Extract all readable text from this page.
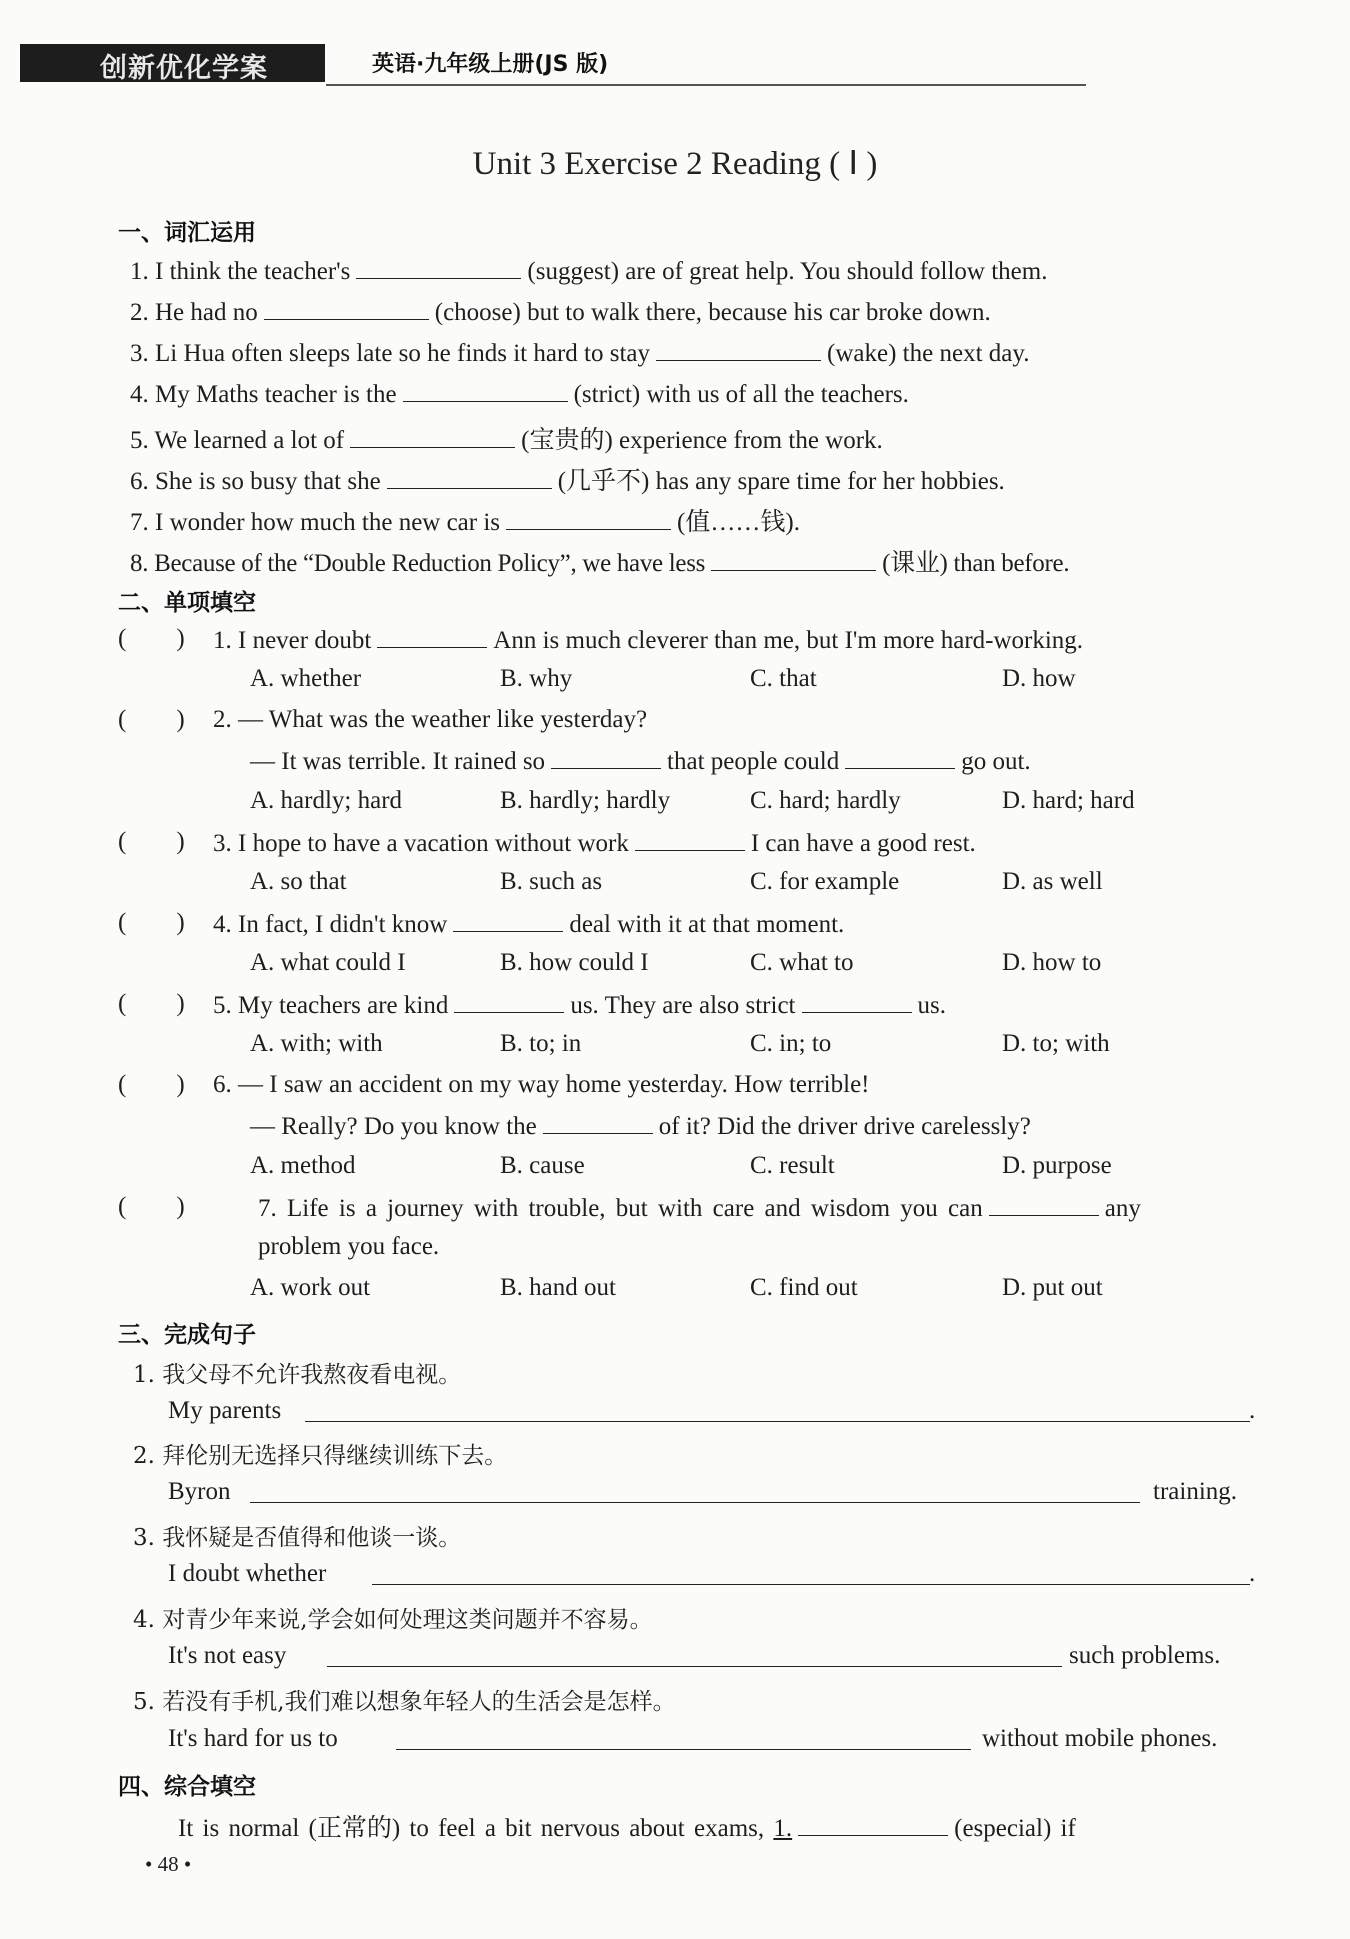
创新优化学案	英语·九年级上册(JS 版)
Unit 3 Exercise 2 Reading ( Ⅰ )
一、词汇运用
1. I think the teacher's	(suggest) are of great help. You should follow them.
2. He had no	(choose) but to walk there, because his car broke down.
3. Li Hua often sleeps late so he finds it hard to stay	(wake) the next day.
4. My Maths teacher is the	(strict) with us of all the teachers.
5. We learned a lot of	(宝贵的) experience from the work.
6. She is so busy that she	(几乎不) has any spare time for her hobbies.
7. I wonder how much the new car is	(值……钱).
8. Because of the “Double Reduction Policy”, we have less	(课业) than before.
二、单项填空
(        ) 1. I never doubt	Ann is much cleverer than me, but I'm more hard-working.
A. whether	B. why	C. that	D. how
(        ) 2. — What was the weather like yesterday?
— It was terrible. It rained so	that people could	go out.
A. hardly; hard	B. hardly; hardly	C. hard; hardly	D. hard; hard
(        ) 3. I hope to have a vacation without work	I can have a good rest.
A. so that	B. such as	C. for example	D. as well
(        ) 4. In fact, I didn't know	deal with it at that moment.
A. what could I	B. how could I	C. what to	D. how to
(        ) 5. My teachers are kind	us. They are also strict	us.
A. with; with	B. to; in	C. in; to	D. to; with
(        ) 6. — I saw an accident on my way home yesterday. How terrible!
— Really? Do you know the	of it? Did the driver drive carelessly?
A. method	B. cause	C. result	D. purpose
(        )	7. Life is a journey with trouble, but with care and wisdom you can	any
problem you face.
A. work out	B. hand out	C. find out	D. put out
三、完成句子
1. 我父母不允许我熬夜看电视。
My parents	.
2. 拜伦别无选择只得继续训练下去。
Byron	training.
3. 我怀疑是否值得和他谈一谈。
I doubt whether	.
4. 对青少年来说,学会如何处理这类问题并不容易。
It's not easy	such problems.
5. 若没有手机,我们难以想象年轻人的生活会是怎样。
It's hard for us to	without mobile phones.
四、综合填空
It is normal (正常的) to feel a bit nervous about exams, 1.	(especial) if
• 48 •
